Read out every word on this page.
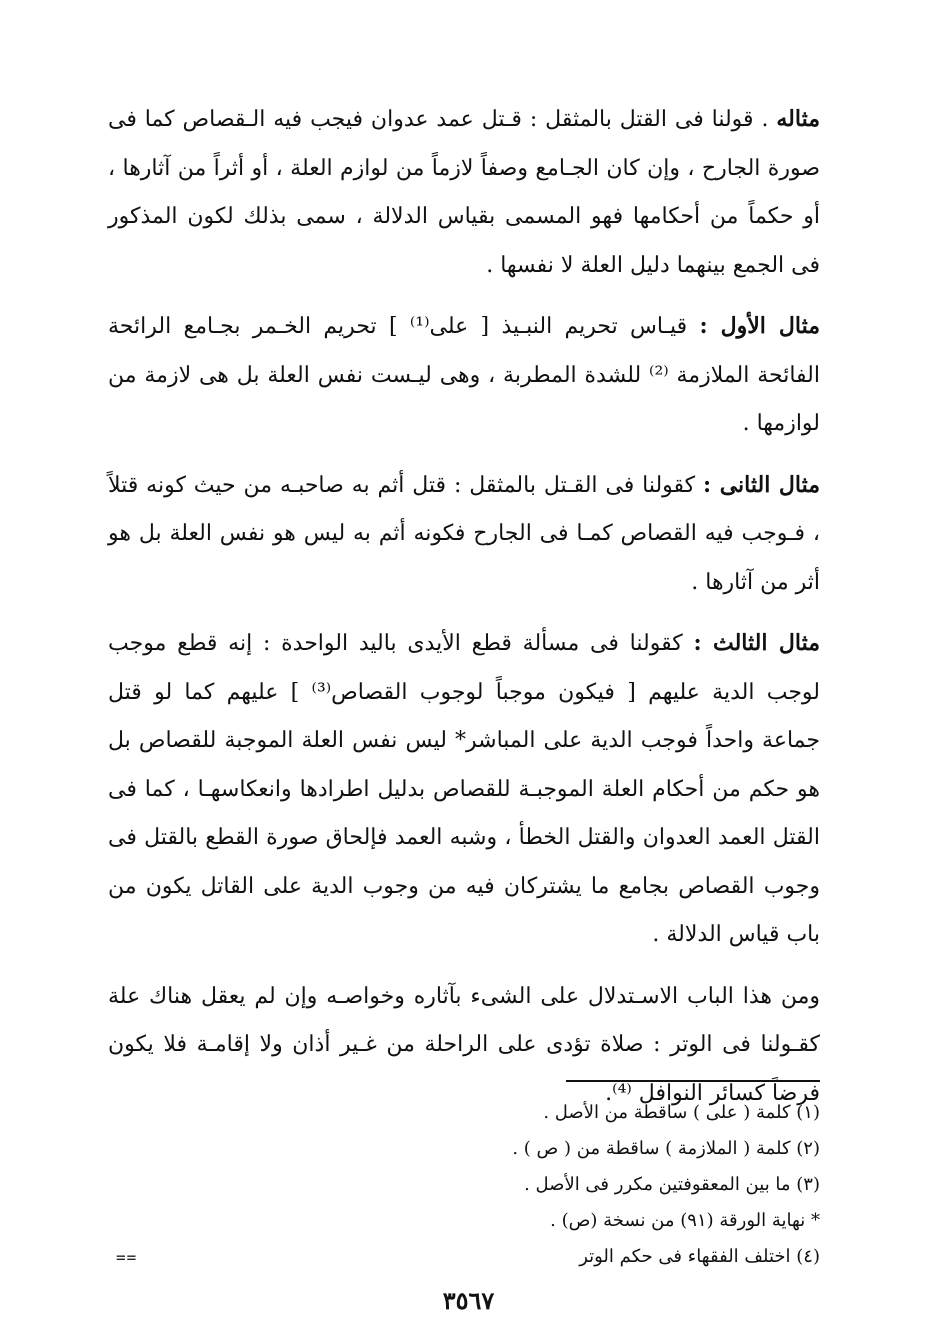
مثاله . قولنا فى القتل بالمثقل : قـتل عمد عدوان فيجب فيه الـقصاص كما فى صورة الجارح ، وإن كان الجـامع وصفاً لازماً من لوازم العلة ، أو أثراً من آثارها ، أو حكماً من أحكامها فهو المسمى بقياس الدلالة ، سمى بذلك لكون المذكور فى الجمع بينهما دليل العلة لا نفسها .

مثال الأول : قيـاس تحريم النبـيذ [ على⁽¹⁾ ] تحريم الخـمر بجـامع الرائحة الفائحة الملازمة ⁽²⁾ للشدة المطربة ، وهى ليـست نفس العلة بل هى لازمة من لوازمها .

مثال الثانى : كقولنا فى القـتل بالمثقل : قتل أثم به صاحبـه من حيث كونه قتلاً ، فـوجب فيه القصاص كمـا فى الجارح فكونه أثم به ليس هو نفس العلة بل هو أثر من آثارها .

مثال الثالث : كقولنا فى مسألة قطع الأيدى باليد الواحدة : إنه قطع موجب لوجب الدية عليهم [ فيكون موجباً لوجوب القصاص⁽³⁾ ] عليهم كما لو قتل جماعة واحداً فوجب الدية على المباشر* ليس نفس العلة الموجبة للقصاص بل هو حكم من أحكام العلة الموجبـة للقصاص بدليل اطرادها وانعكاسهـا ، كما فى القتل العمد العدوان والقتل الخطأ ، وشبه العمد فإلحاق صورة القطع بالقتل فى وجوب القصاص بجامع ما يشتركان فيه من وجوب الدية على القاتل يكون من باب قياس الدلالة .

ومن هذا الباب الاسـتدلال على الشىء بآثاره وخواصـه وإن لم يعقل هناك علة كقـولنا فى الوتر : صلاة تؤدى على الراحلة من غـير أذان ولا إقامـة فلا يكون فرضاً كسائر النوافل ⁽⁴⁾.

(١) كلمة ( على ) ساقطة من الأصل .

(٢) كلمة ( الملازمة ) ساقطة من ( ص ) .

(٣) ما بين المعقوفتين مكرر فى الأصل .

* نهاية الورقة (٩١) من نسخة (ص) .

(٤) اختلف الفقهاء فى حكم الوتر

==
٣٥٦٧
